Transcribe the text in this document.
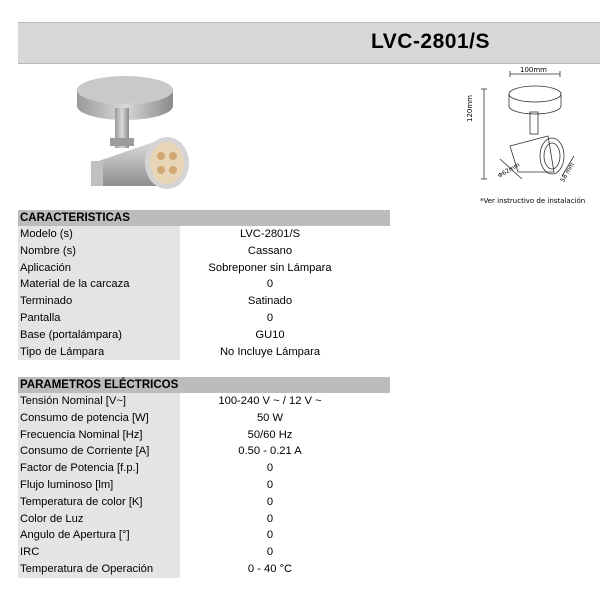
LVC-2801/S
100mm
120mm
Φ62mm	58 mm
*Ver instructivo de instalación
CARACTERISTICAS
Modelo (s)	LVC-2801/S
Nombre (s)	Cassano
Aplicación	Sobreponer sin Lámpara
Material de la carcaza	0
Terminado	Satinado
Pantalla	0
Base (portalámpara)	GU10
Tipo de Lámpara	No Incluye Lámpara
PARAMETROS ELÉCTRICOS
Tensión Nominal [V~]	100-240 V ~ / 12 V ~
Consumo de potencia [W]	50 W
Frecuencia Nominal [Hz]	50/60 Hz
Consumo de Corriente [A]	0.50 - 0.21 A
Factor de Potencia [f.p.]	0
Flujo luminoso [lm]	0
Temperatura de color [K]	0
Color de Luz	0
Angulo de Apertura [°]	0
IRC	0
Temperatura de Operación	0 - 40 °C
